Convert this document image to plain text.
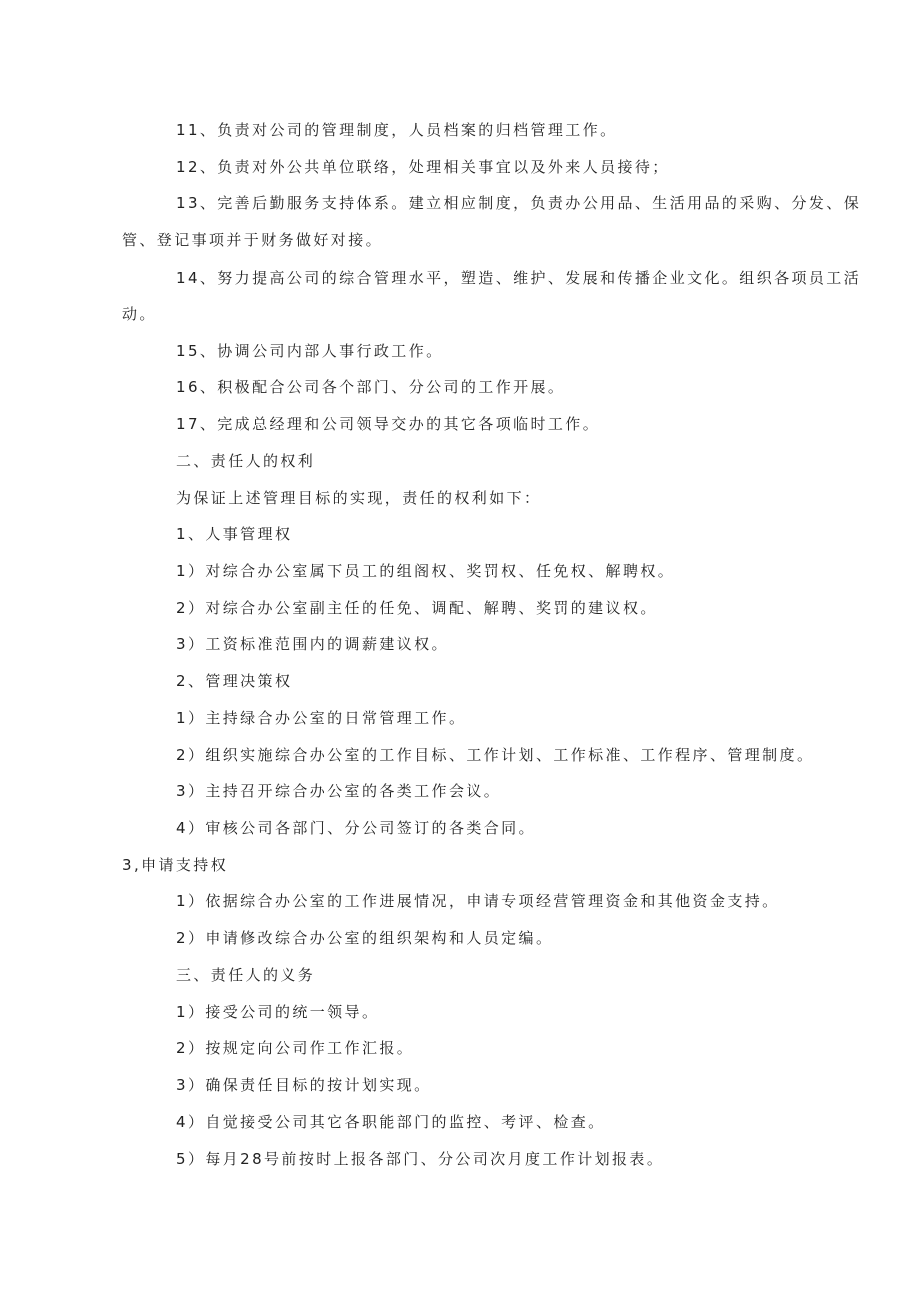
11、负责对公司的管理制度，人员档案的归档管理工作。
12、负责对外公共单位联络，处理相关事宜以及外来人员接待；
13、完善后勤服务支持体系。建立相应制度，负责办公用品、生活用品的采购、分发、保
管、登记事项并于财务做好对接。
14、努力提高公司的综合管理水平，塑造、维护、发展和传播企业文化。组织各项员工活
动。
15、协调公司内部人事行政工作。
16、积极配合公司各个部门、分公司的工作开展。
17、完成总经理和公司领导交办的其它各项临时工作。
二、责任人的权利
为保证上述管理目标的实现，责任的权利如下：
1、人事管理权
1）对综合办公室属下员工的组阁权、奖罚权、任免权、解聘权。
2）对综合办公室副主任的任免、调配、解聘、奖罚的建议权。
3）工资标准范围内的调薪建议权。
2、管理决策权
1）主持绿合办公室的日常管理工作。
2）组织实施综合办公室的工作目标、工作计划、工作标准、工作程序、管理制度。
3）主持召开综合办公室的各类工作会议。
4）审核公司各部门、分公司签订的各类合同。
3,申请支持权
1）依据综合办公室的工作进展情况，申请专项经营管理资金和其他资金支持。
2）申请修改综合办公室的组织架构和人员定编。
三、责任人的义务
1）接受公司的统一领导。
2）按规定向公司作工作汇报。
3）确保责任目标的按计划实现。
4）自觉接受公司其它各职能部门的监控、考评、检查。
5）每月28号前按时上报各部门、分公司次月度工作计划报表。
